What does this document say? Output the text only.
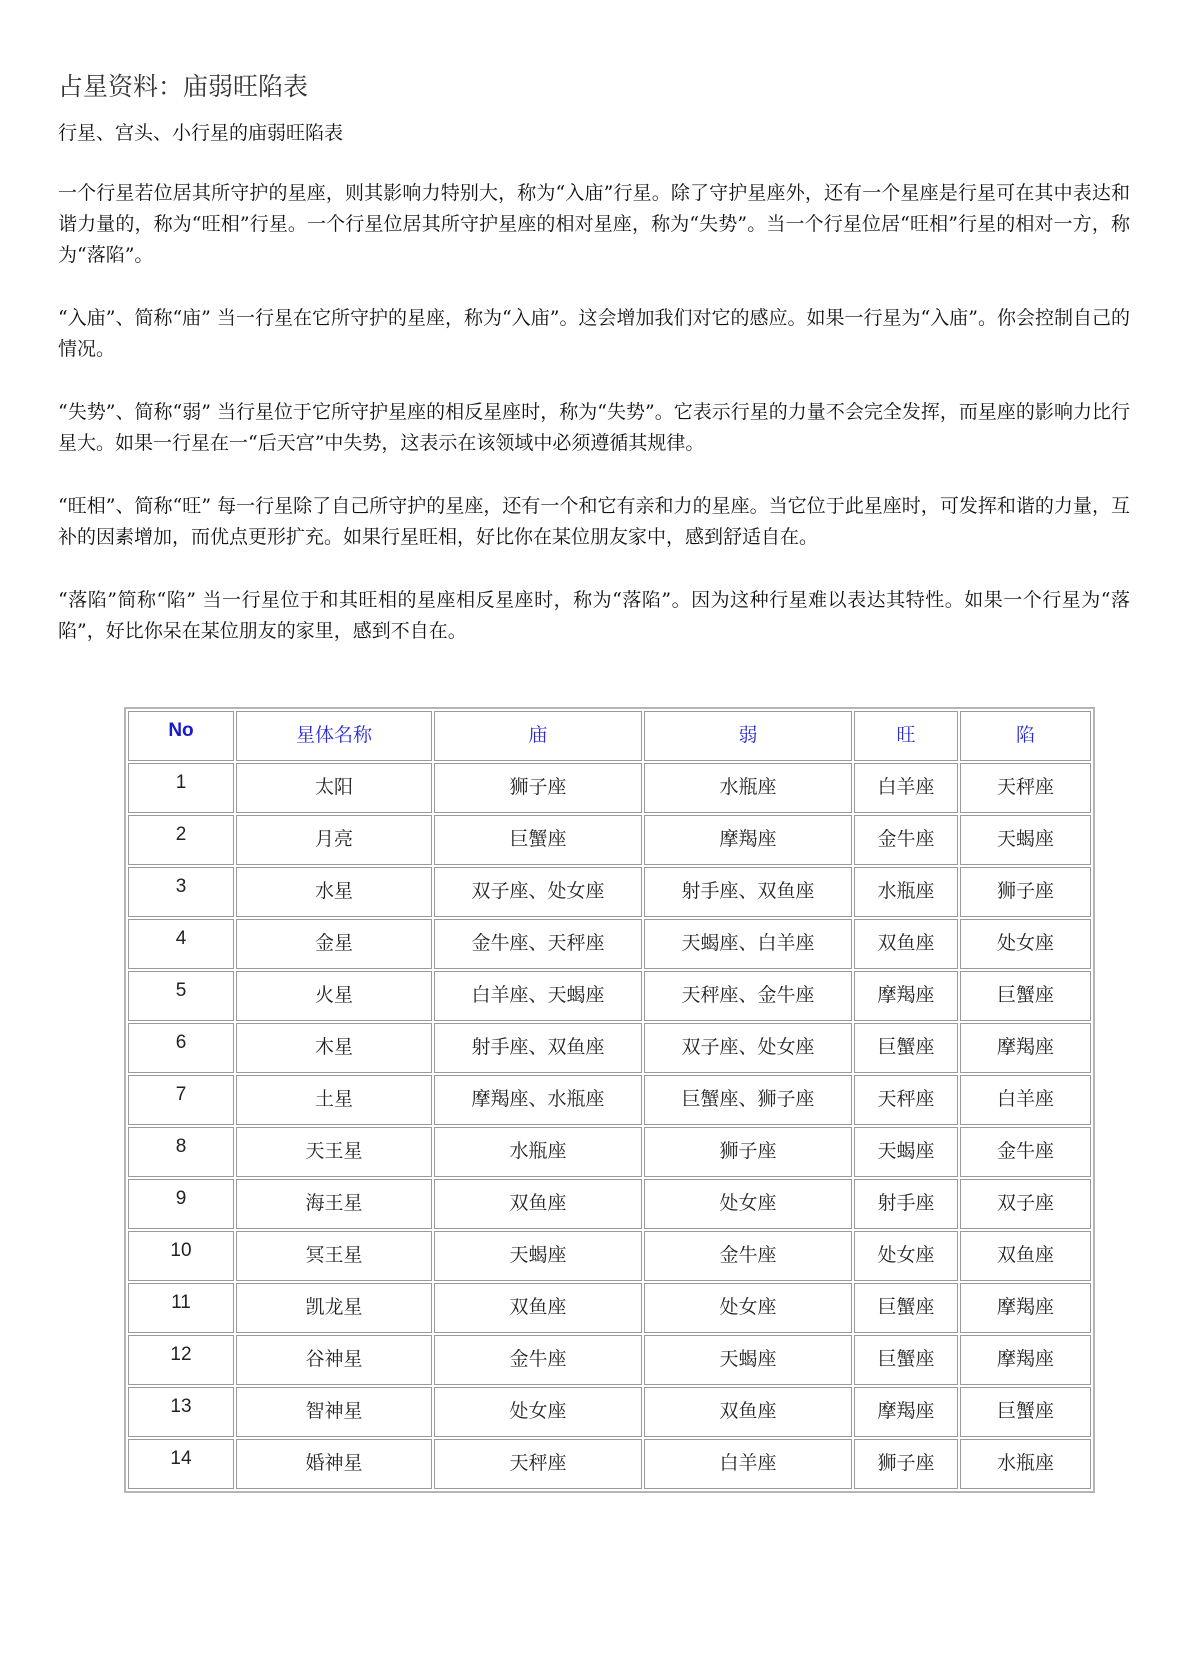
占星资料：庙弱旺陷表

行星、宫头、小行星的庙弱旺陷表

一个行星若位居其所守护的星座，则其影响力特别大，称为“入庙”行星。除了守护星座外，还有一个星座是行星可在其中表达和谐力量的，称为“旺相”行星。一个行星位居其所守护星座的相对星座，称为“失势”。当一个行星位居“旺相”行星的相对一方，称为“落陷”。

“入庙”、简称“庙” 当一行星在它所守护的星座，称为“入庙”。这会增加我们对它的感应。如果一行星为“入庙”。你会控制自己的情况。

“失势”、简称“弱” 当行星位于它所守护星座的相反星座时，称为“失势”。它表示行星的力量不会完全发挥，而星座的影响力比行星大。如果一行星在一“后天宫”中失势，这表示在该领域中必须遵循其规律。

“旺相”、简称“旺” 每一行星除了自己所守护的星座，还有一个和它有亲和力的星座。当它位于此星座时，可发挥和谐的力量，互补的因素增加，而优点更形扩充。如果行星旺相，好比你在某位朋友家中，感到舒适自在。

“落陷”简称“陷” 当一行星位于和其旺相的星座相反星座时，称为“落陷”。因为这种行星难以表达其特性。如果一个行星为“落陷”，好比你呆在某位朋友的家里，感到不自在。

No	星体名称	庙	弱	旺	陷
1	太阳	狮子座	水瓶座	白羊座	天秤座
2	月亮	巨蟹座	摩羯座	金牛座	天蝎座
3	水星	双子座、处女座	射手座、双鱼座	水瓶座	狮子座
4	金星	金牛座、天秤座	天蝎座、白羊座	双鱼座	处女座
5	火星	白羊座、天蝎座	天秤座、金牛座	摩羯座	巨蟹座
6	木星	射手座、双鱼座	双子座、处女座	巨蟹座	摩羯座
7	土星	摩羯座、水瓶座	巨蟹座、狮子座	天秤座	白羊座
8	天王星	水瓶座	狮子座	天蝎座	金牛座
9	海王星	双鱼座	处女座	射手座	双子座
10	冥王星	天蝎座	金牛座	处女座	双鱼座
11	凯龙星	双鱼座	处女座	巨蟹座	摩羯座
12	谷神星	金牛座	天蝎座	巨蟹座	摩羯座
13	智神星	处女座	双鱼座	摩羯座	巨蟹座
14	婚神星	天秤座	白羊座	狮子座	水瓶座
